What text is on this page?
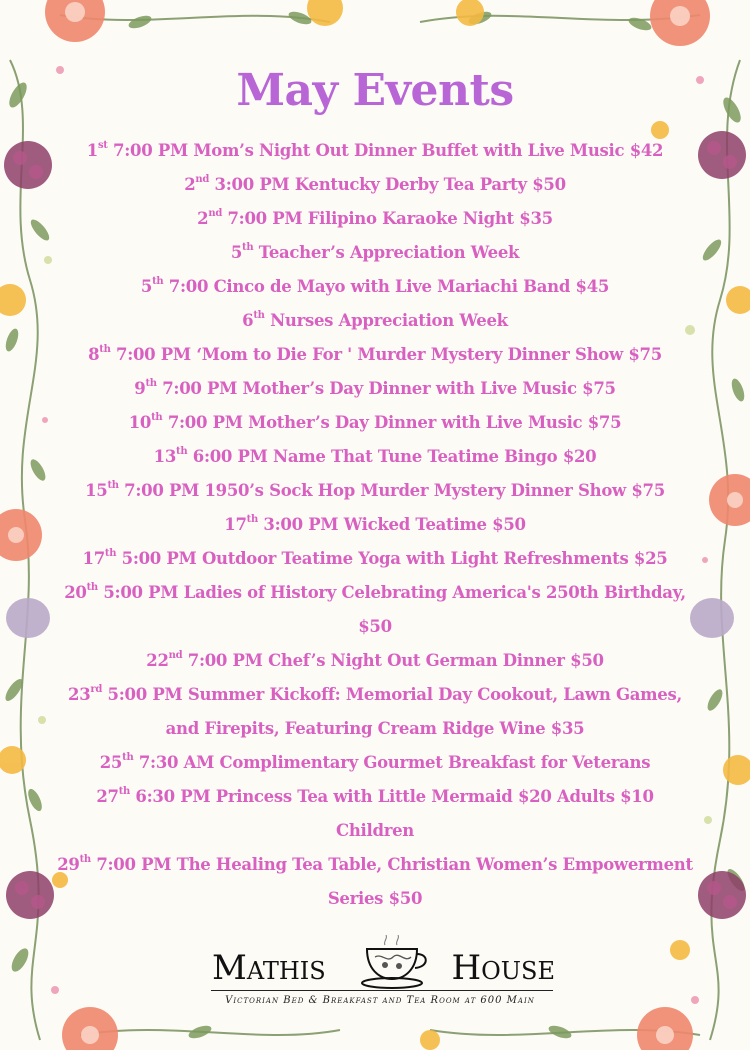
May Events
1st 7:00 PM Mom’s Night Out Dinner Buffet with Live Music $42
2nd 3:00 PM Kentucky Derby Tea Party $50
2nd 7:00 PM Filipino Karaoke Night $35
5th Teacher’s Appreciation Week
5th 7:00 Cinco de Mayo with Live Mariachi Band $45
6th Nurses Appreciation Week
8th 7:00 PM ‘Mom to Die For ' Murder Mystery Dinner Show $75
9th 7:00 PM Mother’s Day Dinner with Live Music $75
10th 7:00 PM Mother’s Day Dinner with Live Music $75
13th 6:00 PM Name That Tune Teatime Bingo $20
15th 7:00 PM 1950’s Sock Hop Murder Mystery Dinner Show $75
17th 3:00 PM Wicked Teatime $50
17th 5:00 PM Outdoor Teatime Yoga with Light Refreshments $25
20th 5:00 PM Ladies of History Celebrating America's 250th Birthday, $50
22nd 7:00 PM Chef’s Night Out German Dinner $50
23rd 5:00 PM Summer Kickoff: Memorial Day Cookout, Lawn Games, and Firepits, Featuring Cream Ridge Wine $35
25th 7:30 AM Complimentary Gourmet Breakfast for Veterans
27th 6:30 PM Princess Tea with Little Mermaid $20 Adults $10 Children
29th 7:00 PM The Healing Tea Table, Christian Women’s Empowerment Series $50
Mathis	House
Victorian Bed & Breakfast and Tea Room at 600 Main
